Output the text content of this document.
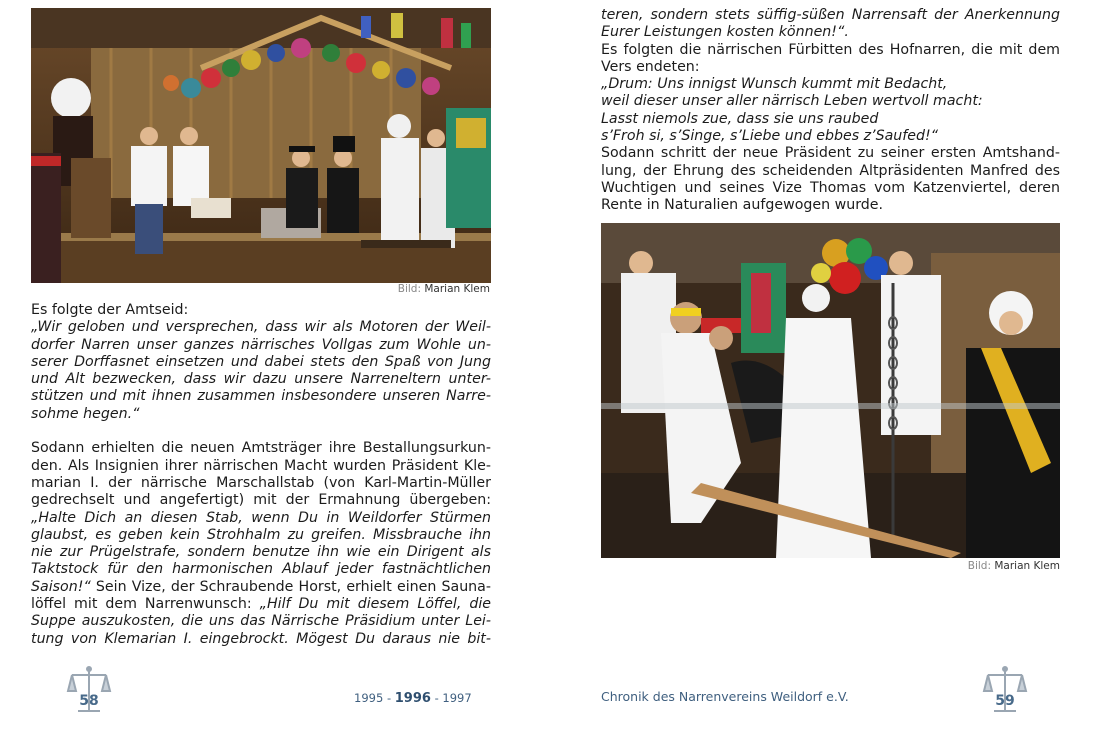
Bild: Marian Klem
Es folgte der Amtseid:
„Wir geloben und versprechen, dass wir als Motoren der Weil-
dorfer Narren unser ganzes närrisches Vollgas zum Wohle un-
serer Dorffasnet einsetzen und dabei stets den Spaß von Jung
und Alt bezwecken, dass wir dazu unsere Narreneltern unter-
stützen und mit ihnen zusammen insbesondere unseren Narre-
sohme hegen.“
Sodann erhielten die neuen Amtsträger ihre Bestallungsurkun-
den. Als Insignien ihrer närrischen Macht wurden Präsident Kle-
marian I. der närrische Marschallstab (von Karl-Martin-Müller
gedrechselt und angefertigt) mit der Ermahnung übergeben:
„Halte Dich an diesen Stab, wenn Du in Weildorfer Stürmen
glaubst, es geben kein Strohhalm zu greifen. Missbrauche ihn
nie zur Prügelstrafe, sondern benutze ihn wie ein Dirigent als
Taktstock für den harmonischen Ablauf jeder fastnächtlichen
Saison!“ Sein Vize, der Schraubende Horst, erhielt einen Sauna-
löffel mit dem Narrenwunsch: „Hilf Du mit diesem Löffel, die
Suppe auszukosten, die uns das Närrische Präsidium unter Lei-
tung von Klemarian I. eingebrockt. Mögest Du daraus nie bit-
58	1995 - 1996 - 1997	Chronik des Narrenvereins Weildorf e.V.
teren, sondern stets süffig-süßen Narrensaft der Anerkennung
Eurer Leistungen kosten können!“.
Es folgten die närrischen Fürbitten des Hofnarren, die mit dem
Vers endeten:
„Drum: Uns innigst Wunsch kummt mit Bedacht,
weil dieser unser aller närrisch Leben wertvoll macht:
Lasst niemols zue, dass sie uns raubed
s’Froh si, s’Singe, s’Liebe und ebbes z’Saufed!“
Sodann schritt der neue Präsident zu seiner ersten Amtshand-
lung, der Ehrung des scheidenden Altpräsidenten Manfred des
Wuchtigen und seines Vize Thomas vom Katzenviertel, deren
Rente in Naturalien aufgewogen wurde.
Bild: Marian Klem
59
